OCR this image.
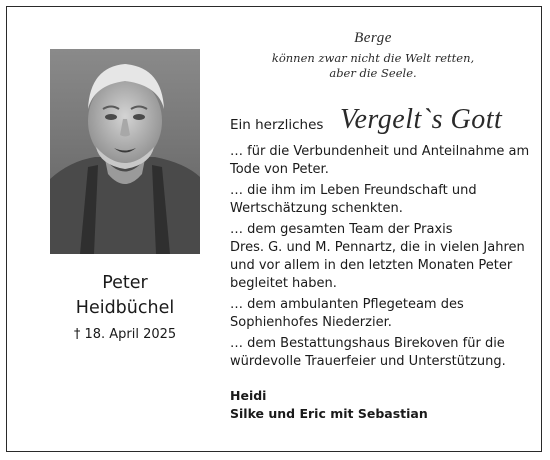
Peter
Heidbüchel
† 18. April 2025
Berge
können zwar nicht die Welt retten,
aber die Seele.
Ein herzliches Vergelt`s Gott
… für die Verbundenheit und Anteilnahme am
Tode von Peter.
… die ihm im Leben Freundschaft und
Wertschätzung schenkten.
… dem gesamten Team der Praxis
Dres. G. und M. Pennartz, die in vielen Jahren
und vor allem in den letzten Monaten Peter
begleitet haben.
… dem ambulanten Pflegeteam des
Sophienhofes Niederzier.
… dem Bestattungshaus Birekoven für die
würdevolle Trauerfeier und Unterstützung.
Heidi
Silke und Eric mit Sebastian
